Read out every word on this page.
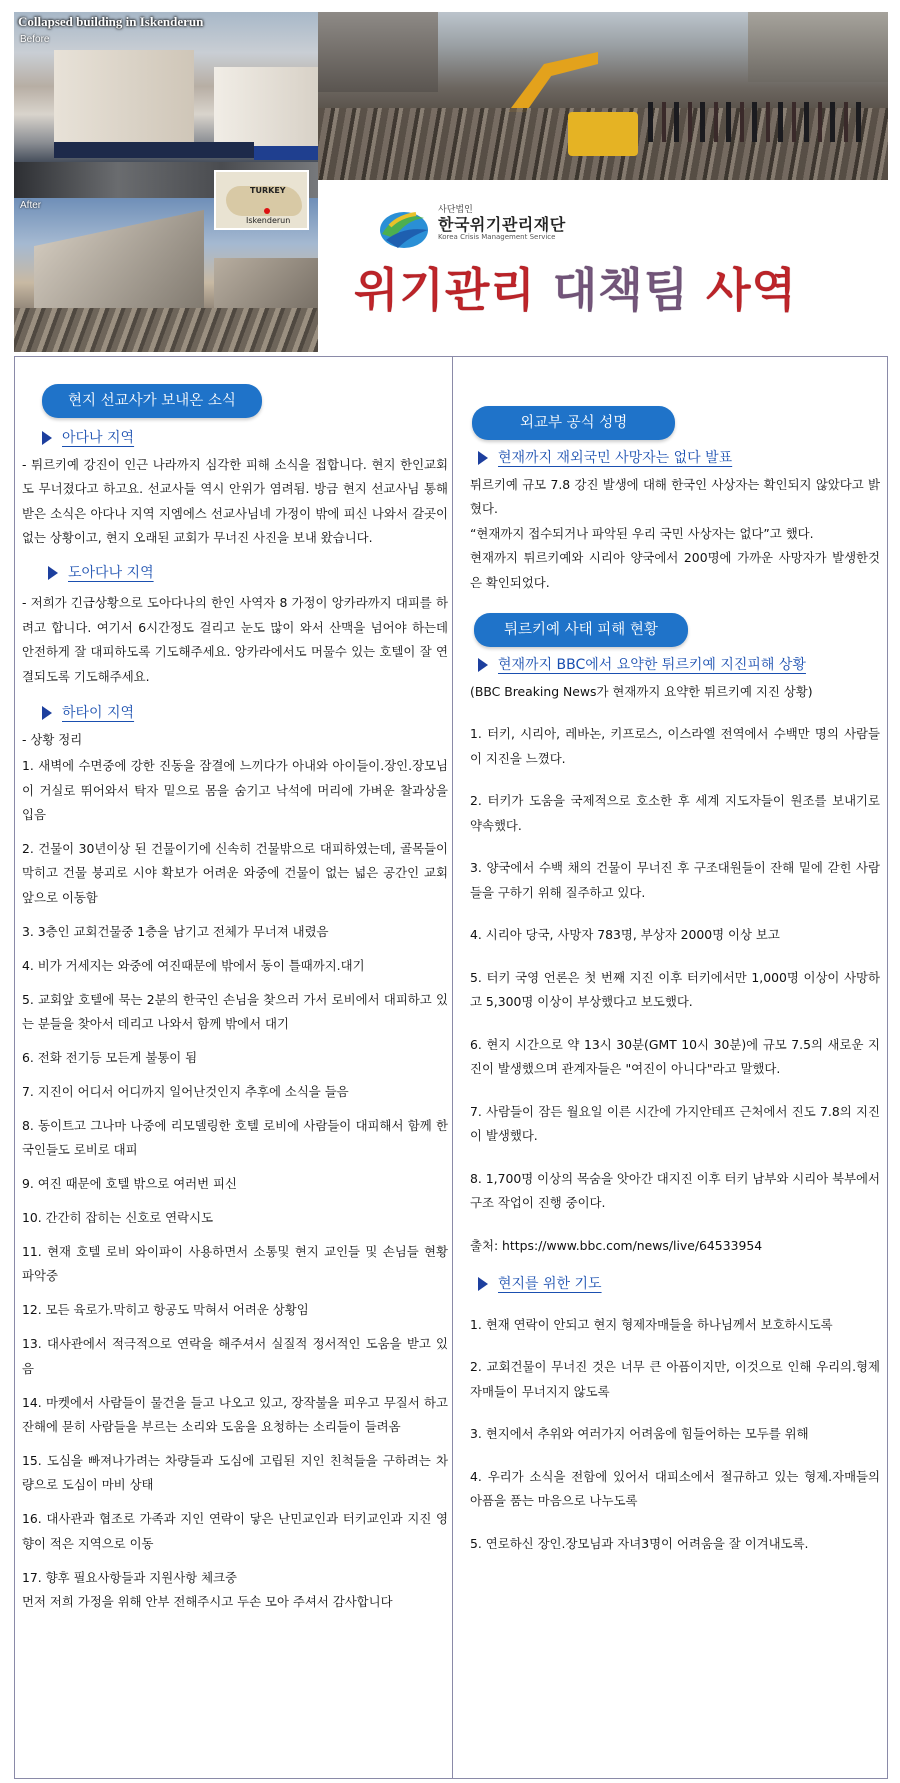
Collapsed building in Iskenderun
Before
After
TURKEY
Iskenderun
사단법인
한국위기관리재단
Korea Crisis Management Service
위기관리 대책팀 사역
현지 선교사가 보내온 소식
아다나 지역

- 튀르키예 강진이 인근 나라까지 심각한 피해 소식을 접합니다. 현지 한인교회도 무너졌다고 하고요. 선교사들 역시 안위가 염려됨. 방금 현지 선교사님 통해 받은 소식은 아다나 지역 지엠에스 선교사님네 가정이 밖에 피신 나와서 갈곳이 없는 상황이고, 현지 오래된 교회가 무너진 사진을 보내 왔습니다.

도아다나 지역

- 저희가 긴급상황으로 도아다나의 한인 사역자 8 가정이 앙카라까지 대피를 하려고 합니다. 여기서 6시간정도 걸리고 눈도 많이 와서 산맥을 넘어야 하는데 안전하게 잘 대피하도록 기도해주세요. 앙카라에서도 머물수 있는 호텔이 잘 연결되도록 기도해주세요.

하타이 지역

- 상황 정리

1. 새벽에 수면중에 강한 진동을 잠결에 느끼다가 아내와 아이들이.장인.장모님이 거실로 뛰어와서 탁자 밑으로 몸을 숨기고 낙석에 머리에 가벼운 찰과상을 입음

2. 건물이 30년이상 된 건물이기에 신속히 건물밖으로 대피하였는데, 골목들이 막히고 건물 붕괴로 시야 확보가 어려운 와중에 건물이 없는 넓은 공간인 교회 앞으로 이동함

3. 3층인 교회건물중 1층을 남기고 전체가 무너져 내렸음

4. 비가 거세지는 와중에 여진때문에 밖에서 동이 틀때까지.대기

5. 교회앞 호텔에 묵는 2분의 한국인 손님을 찾으러 가서 로비에서 대피하고 있는 분들을 찾아서 데리고 나와서 함께 밖에서 대기

6. 전화 전기등 모든게 불통이 됨

7. 지진이 어디서 어디까지 일어난것인지 추후에 소식을 들음

8. 동이트고 그나마 나중에 리모델링한 호텔 로비에 사람들이 대피해서 함께 한국인들도 로비로 대피

9. 여진 때문에 호텔 밖으로 여러번 피신

10. 간간히 잡히는 신호로 연락시도

11. 현재 호텔 로비 와이파이 사용하면서 소통및 현지 교인들 및 손님들 현황 파악중

12. 모든 육로가.막히고 항공도 막혀서 어려운 상황임

13. 대사관에서 적극적으로 연락을 해주셔서 실질적 정서적인 도움을 받고 있음

14. 마켓에서 사람들이 물건을 들고 나오고 있고, 장작불을 피우고 무질서 하고 잔해에 묻히 사람들을 부르는 소리와 도움을 요청하는 소리들이 들려옴

15. 도심을 빠져나가려는 차량들과 도심에 고립된 지인 친척들을 구하려는 차량으로 도심이 마비 상태

16. 대사관과 협조로 가족과 지인 연락이 닿은 난민교인과 터키교인과 지진 영향이 적은 지역으로 이동

17. 향후 필요사항들과 지원사항 체크중

먼저 저희 가정을 위해 안부 전해주시고 두손 모아 주셔서 감사합니다

외교부 공식 성명
현재까지 재외국민 사망자는 없다 발표

튀르키예 규모 7.8 강진 발생에 대해 한국인 사상자는 확인되지 않았다고 밝혔다.

“현재까지 접수되거나 파악된 우리 국민 사상자는 없다”고 했다.

현재까지 튀르키예와 시리아 양국에서 200명에 가까운 사망자가 발생한것은 확인되었다.

튀르키예 사태 피해 현황
현재까지 BBC에서 요약한 튀르키예 지진피해 상황

(BBC Breaking News가 현재까지 요약한 튀르키예 지진 상황)

1. 터키, 시리아, 레바논, 키프로스, 이스라엘 전역에서 수백만 명의 사람들이 지진을 느꼈다.

2. 터키가 도움을 국제적으로 호소한 후 세계 지도자들이 원조를 보내기로 약속했다.

3. 양국에서 수백 채의 건물이 무너진 후 구조대원들이 잔해 밑에 갇힌 사람들을 구하기 위해 질주하고 있다.

4. 시리아 당국, 사망자 783명, 부상자 2000명 이상 보고

5. 터키 국영 언론은 첫 번째 지진 이후 터키에서만 1,000명 이상이 사망하고 5,300명 이상이 부상했다고 보도했다.

6. 현지 시간으로 약 13시 30분(GMT 10시 30분)에 규모 7.5의 새로운 지진이 발생했으며 관계자들은 "여진이 아니다"라고 말했다.

7. 사람들이 잠든 월요일 이른 시간에 가지안테프 근처에서 진도 7.8의 지진이 발생했다.

8. 1,700명 이상의 목숨을 앗아간 대지진 이후 터키 남부와 시리아 북부에서 구조 작업이 진행 중이다.

출처: https://www.bbc.com/news/live/64533954

현지를 위한 기도

1. 현재 연락이 안되고 현지 형제자매들을 하나님께서 보호하시도록

2. 교회건물이 무너진 것은 너무 큰 아픔이지만, 이것으로 인해 우리의.형제 자매들이 무너지지 않도록

3. 현지에서 추위와 여러가지 어려움에 힘들어하는 모두를 위해

4. 우리가 소식을 전함에 있어서 대피소에서 절규하고 있는 형제.자매들의 아픔을 품는 마음으로 나누도록

5. 연로하신 장인.장모님과 자녀3명이 어려움을 잘 이겨내도록.
